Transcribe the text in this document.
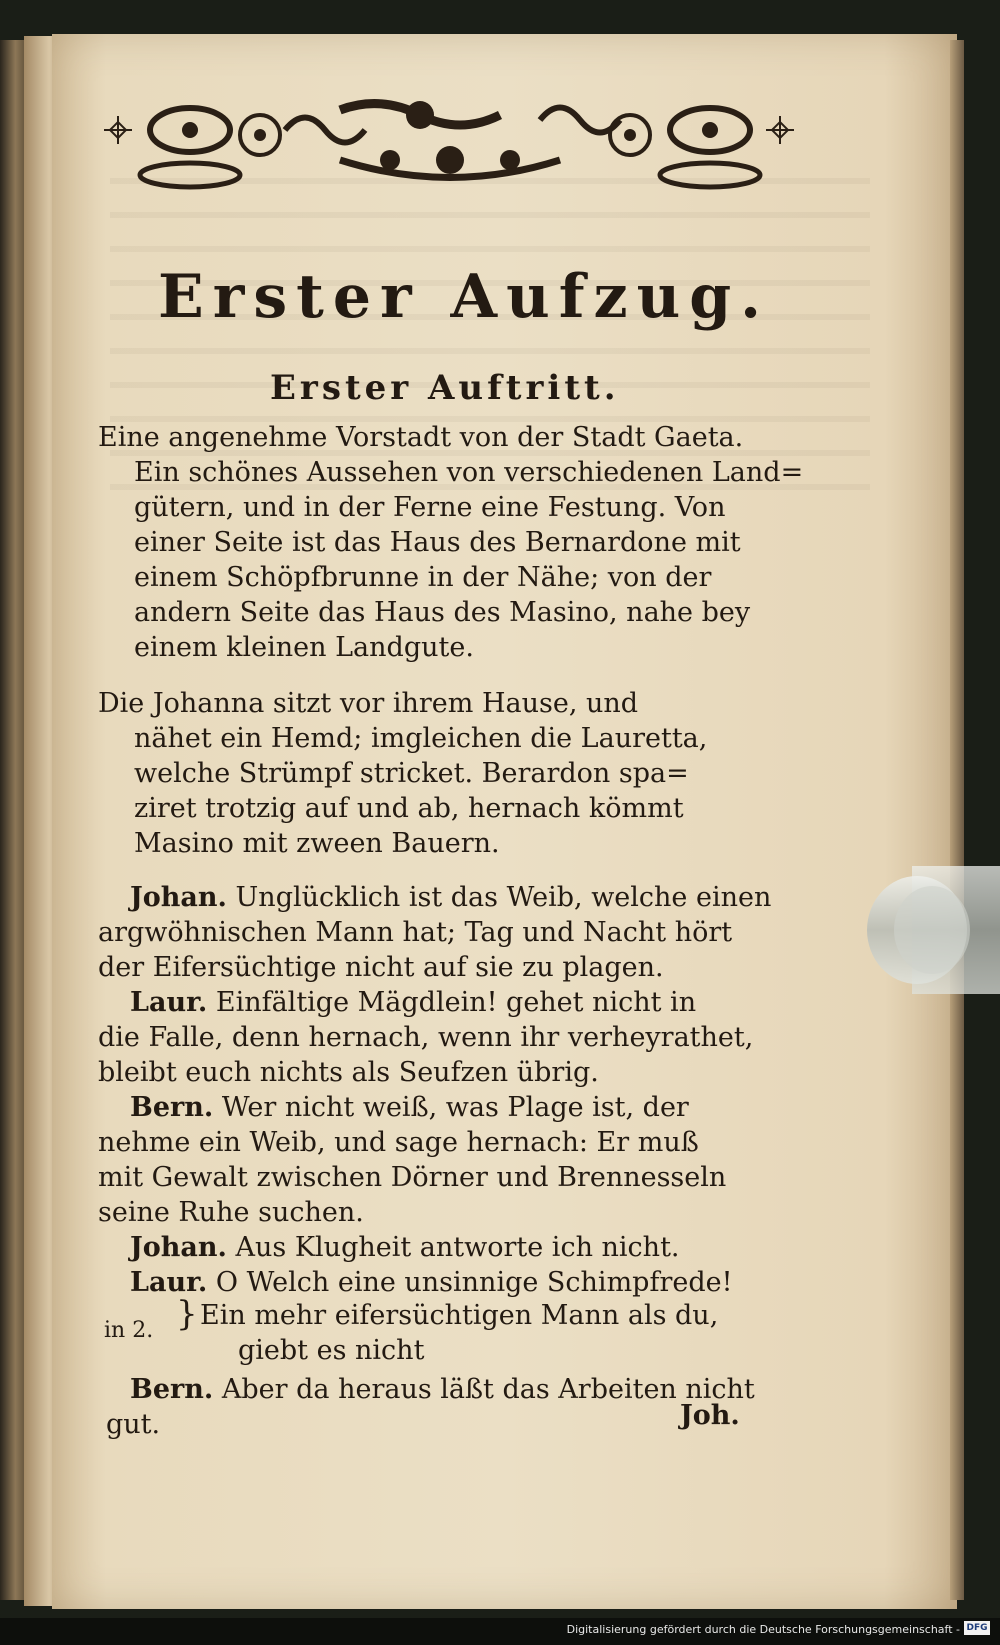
Erster Aufzug.
Erster Auftritt.
Eine angenehme Vorstadt von der Stadt Gaeta.
Ein schönes Aussehen von verschiedenen Land=
gütern, und in der Ferne eine Festung. Von
einer Seite ist das Haus des Bernardone mit
einem Schöpfbrunne in der Nähe; von der
andern Seite das Haus des Masino, nahe bey
einem kleinen Landgute.
Die Johanna sitzt vor ihrem Hause, und
nähet ein Hemd; imgleichen die Lauretta,
welche Strümpf stricket. Berardon spa=
ziret trotzig auf und ab, hernach kömmt
Masino mit zween Bauern.
Johan. Unglücklich ist das Weib, welche einen
argwöhnischen Mann hat; Tag und Nacht hört
der Eifersüchtige nicht auf sie zu plagen.
Laur. Einfältige Mägdlein! gehet nicht in
die Falle, denn hernach, wenn ihr verheyrathet,
bleibt euch nichts als Seufzen übrig.
Bern. Wer nicht weiß, was Plage ist, der
nehme ein Weib, und sage hernach: Er muß
mit Gewalt zwischen Dörner und Brennesseln
seine Ruhe suchen.
Johan. Aus Klugheit antworte ich nicht.
Laur. O Welch eine unsinnige Schimpfrede!
in 2. } Ein mehr eifersüchtigen Mann als du,
giebt es nicht
Bern. Aber da heraus läßt das Arbeiten nicht
gut.	Joh.
Digitalisierung gefördert durch die Deutsche Forschungsgemeinschaft - DFG
